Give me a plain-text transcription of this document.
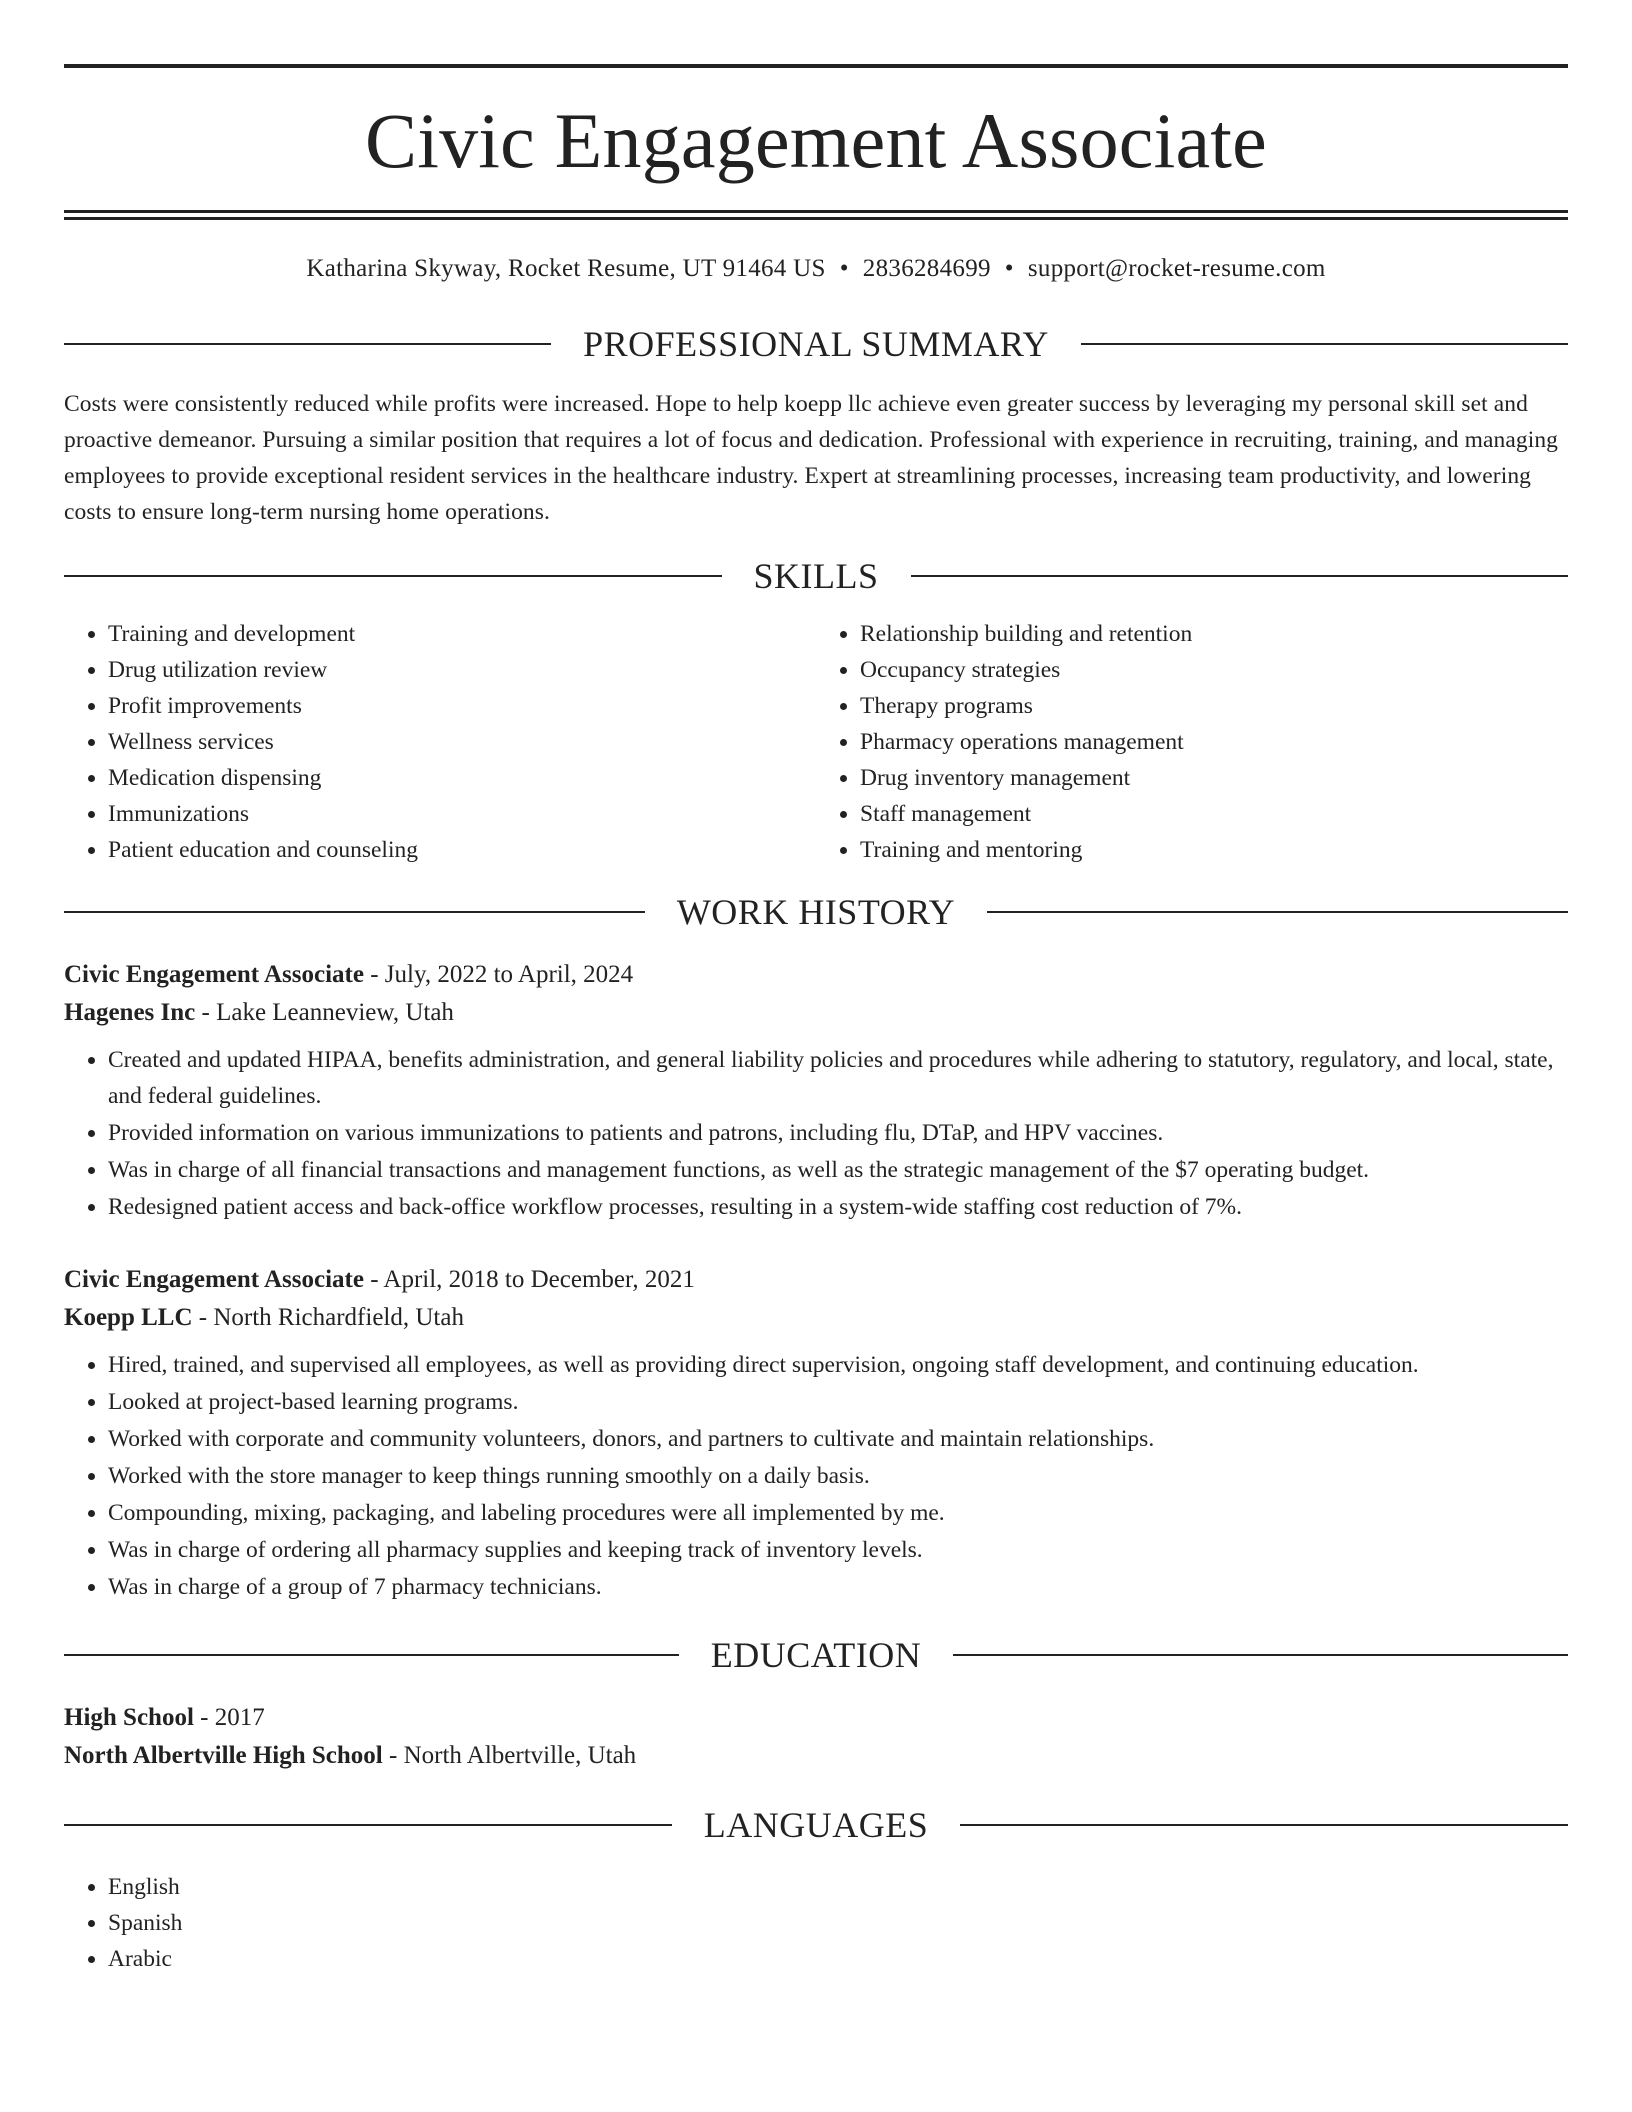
Civic Engagement Associate
Katharina Skyway, Rocket Resume, UT 91464 US • 2836284699 • support@rocket-resume.com
PROFESSIONAL SUMMARY
Costs were consistently reduced while profits were increased. Hope to help koepp llc achieve even greater success by leveraging my personal skill set and proactive demeanor. Pursuing a similar position that requires a lot of focus and dedication. Professional with experience in recruiting, training, and managing employees to provide exceptional resident services in the healthcare industry. Expert at streamlining processes, increasing team productivity, and lowering costs to ensure long-term nursing home operations.
SKILLS
• Training and development
• Drug utilization review
• Profit improvements
• Wellness services
• Medication dispensing
• Immunizations
• Patient education and counseling
• Relationship building and retention
• Occupancy strategies
• Therapy programs
• Pharmacy operations management
• Drug inventory management
• Staff management
• Training and mentoring
WORK HISTORY
Civic Engagement Associate - July, 2022 to April, 2024
Hagenes Inc - Lake Leanneview, Utah
• Created and updated HIPAA, benefits administration, and general liability policies and procedures while adhering to statutory, regulatory, and local, state, and federal guidelines.
• Provided information on various immunizations to patients and patrons, including flu, DTaP, and HPV vaccines.
• Was in charge of all financial transactions and management functions, as well as the strategic management of the $7 operating budget.
• Redesigned patient access and back-office workflow processes, resulting in a system-wide staffing cost reduction of 7%.
Civic Engagement Associate - April, 2018 to December, 2021
Koepp LLC - North Richardfield, Utah
• Hired, trained, and supervised all employees, as well as providing direct supervision, ongoing staff development, and continuing education.
• Looked at project-based learning programs.
• Worked with corporate and community volunteers, donors, and partners to cultivate and maintain relationships.
• Worked with the store manager to keep things running smoothly on a daily basis.
• Compounding, mixing, packaging, and labeling procedures were all implemented by me.
• Was in charge of ordering all pharmacy supplies and keeping track of inventory levels.
• Was in charge of a group of 7 pharmacy technicians.
EDUCATION
High School - 2017
North Albertville High School - North Albertville, Utah
LANGUAGES
• English
• Spanish
• Arabic
